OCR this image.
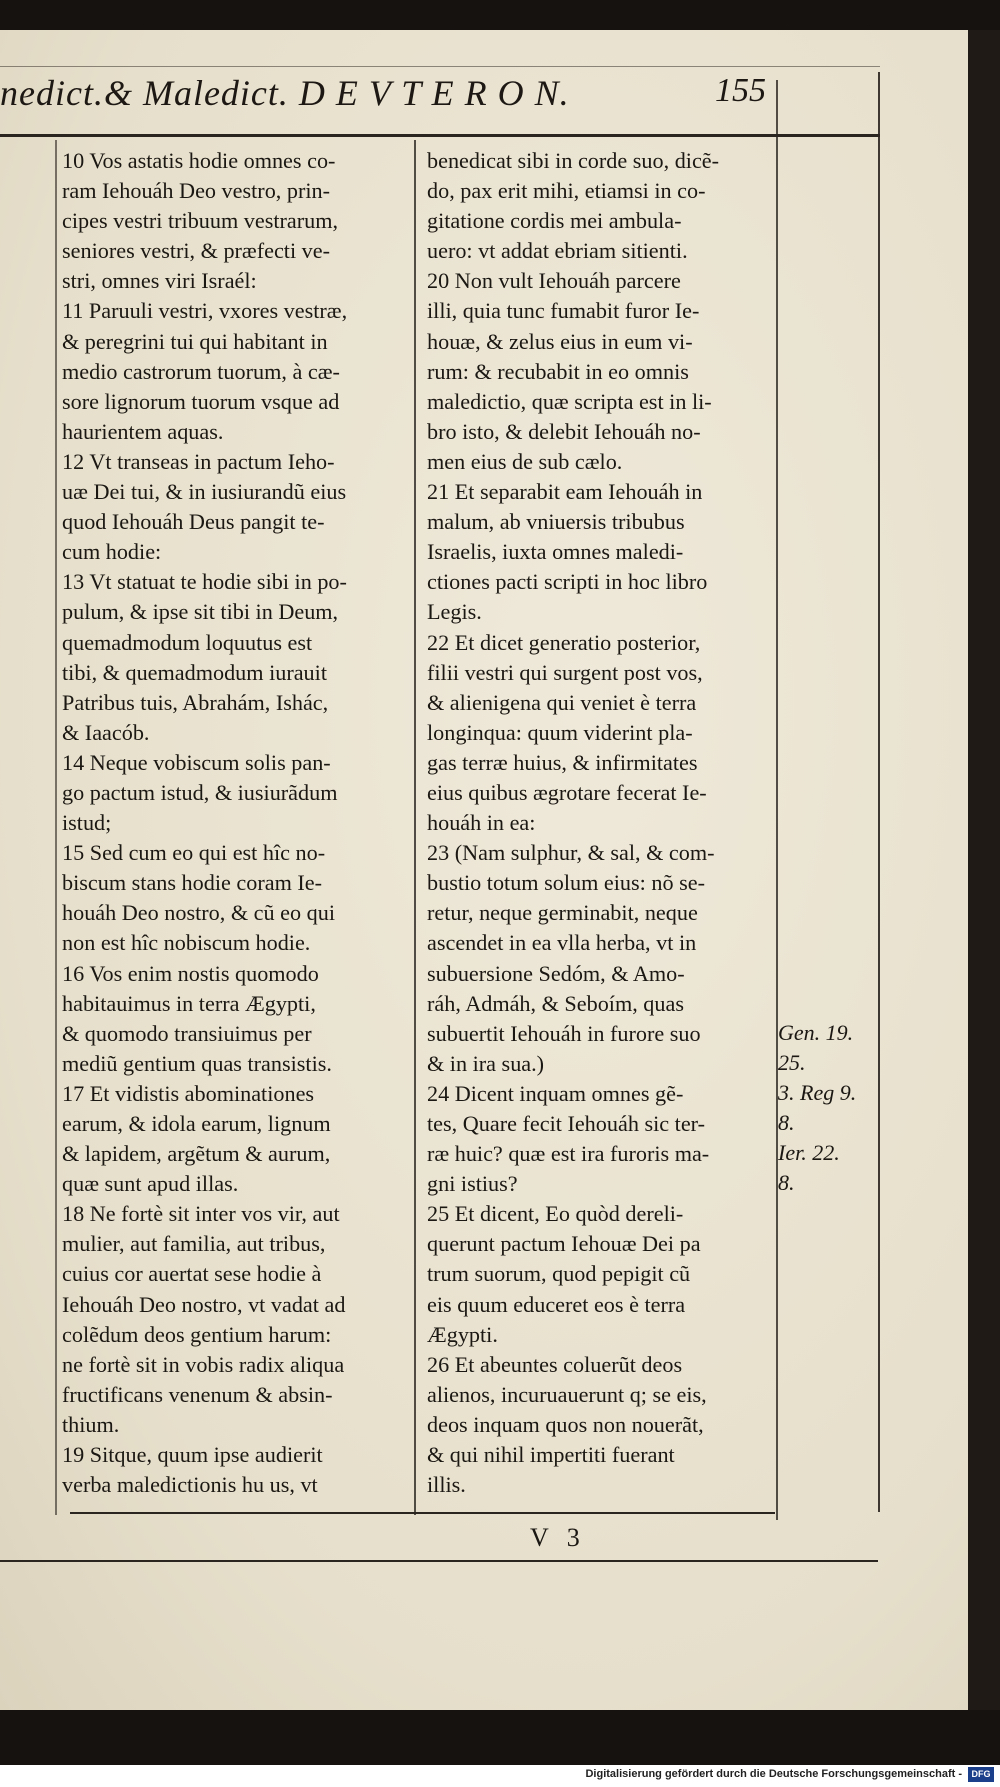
nedict.& Maledict. D E V T E R O N.	155
10 Vos astatis hodie omnes co-
ram Iehouáh Deo vestro, prin-
cipes vestri tribuum vestrarum,
seniores vestri, & præfecti ve-
stri, omnes viri Israél:
11 Paruuli vestri, vxores vestræ,
& peregrini tui qui habitant in
medio castrorum tuorum, à cæ-
sore lignorum tuorum vsque ad
haurientem aquas.
12 Vt transeas in pactum Ieho-
uæ Dei tui, & in iusiurandũ eius
quod Iehouáh Deus pangit te-
cum hodie:
13 Vt statuat te hodie sibi in po-
pulum, & ipse sit tibi in Deum,
quemadmodum loquutus est
tibi, & quemadmodum iurauit
Patribus tuis, Abrahám, Ishác,
& Iaacób.
14 Neque vobiscum solis pan-
go pactum istud, & iusiurãdum
istud;
15 Sed cum eo qui est hîc no-
biscum stans hodie coram Ie-
houáh Deo nostro, & cũ eo qui
non est hîc nobiscum hodie.
16 Vos enim nostis quomodo
habitauimus in terra Ægypti,
& quomodo transiuimus per
mediũ gentium quas transistis.
17 Et vidistis abominationes
earum, & idola earum, lignum
& lapidem, argẽtum & aurum,
quæ sunt apud illas.
18 Ne fortè sit inter vos vir, aut
mulier, aut familia, aut tribus,
cuius cor auertat sese hodie à
Iehouáh Deo nostro, vt vadat ad
colẽdum deos gentium harum:
ne fortè sit in vobis radix aliqua
fructificans venenum & absin-
thium.
19 Sitque, quum ipse audierit
verba maledictionis hu us, vt
benedicat sibi in corde suo, dicẽ-
do, pax erit mihi, etiamsi in co-
gitatione cordis mei ambula-
uero: vt addat ebriam sitienti.
20 Non vult Iehouáh parcere
illi, quia tunc fumabit furor Ie-
houæ, & zelus eius in eum vi-
rum: & recubabit in eo omnis
maledictio, quæ scripta est in li-
bro isto, & delebit Iehouáh no-
men eius de sub cælo.
21 Et separabit eam Iehouáh in
malum, ab vniuersis tribubus
Israelis, iuxta omnes maledi-
ctiones pacti scripti in hoc libro
Legis.
22 Et dicet generatio posterior,
filii vestri qui surgent post vos,
& alienigena qui veniet è terra
longinqua: quum viderint pla-
gas terræ huius, & infirmitates
eius quibus ægrotare fecerat Ie-
houáh in ea:
23 (Nam sulphur, & sal, & com-
bustio totum solum eius: nõ se-
retur, neque germinabit, neque
ascendet in ea vlla herba, vt in
subuersione Sedóm, & Amo-
ráh, Admáh, & Seboím, quas
subuertit Iehouáh in furore suo
& in ira sua.)
24 Dicent inquam omnes gẽ-
tes, Quare fecit Iehouáh sic ter-
ræ huic? quæ est ira furoris ma-
gni istius?
25 Et dicent, Eo quòd dereli-
querunt pactum Iehouæ Dei pa
trum suorum, quod pepigit cũ
eis quum educeret eos è terra
Ægypti.
26 Et abeuntes coluerũt deos
alienos, incuruauerunt q; se eis,
deos inquam quos non nouerãt,
& qui nihil impertiti fuerant
illis.
Gen. 19.
25.
3. Reg 9.
8.
Ier. 22.
8.
V 3
Digitalisierung gefördert durch die Deutsche Forschungsgemeinschaft -	DFG
